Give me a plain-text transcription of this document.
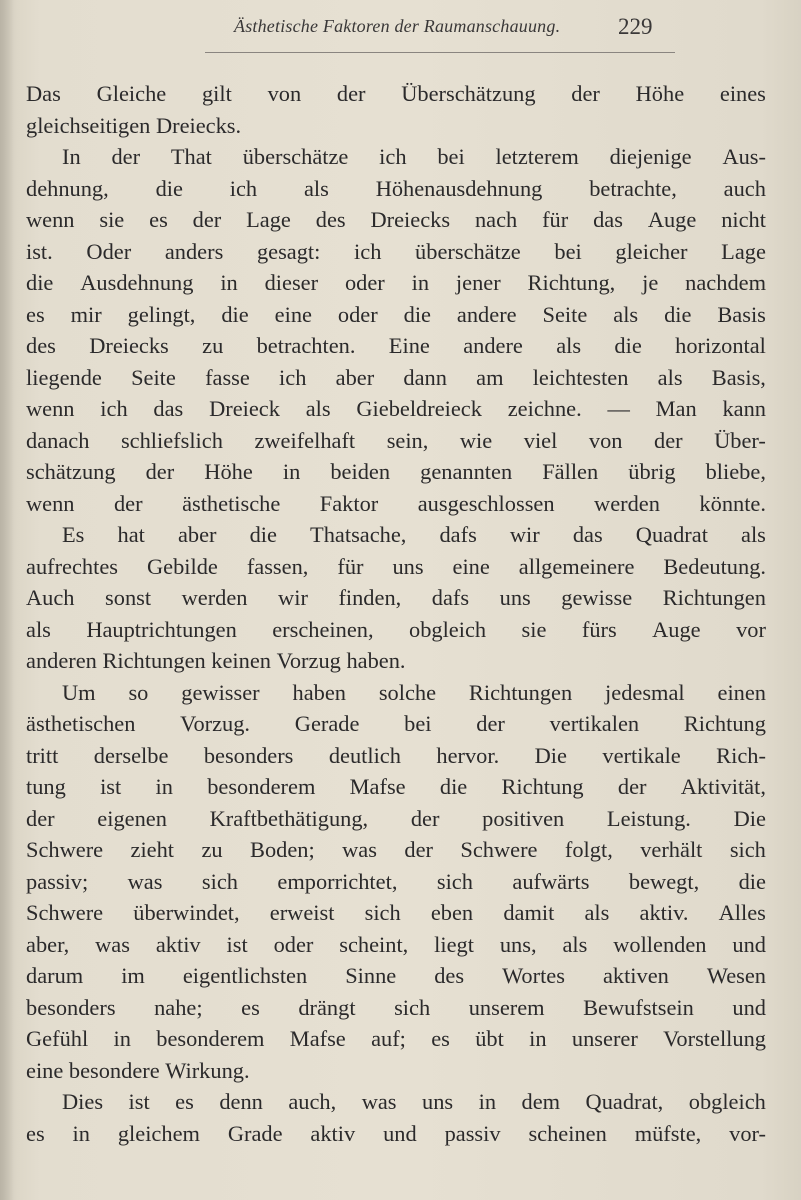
Ästhetische Faktoren der Raumanschauung.	229
Das Gleiche gilt von der Überschätzung der Höhe eines
gleichseitigen Dreiecks.
In der That überschätze ich bei letzterem diejenige Aus-
dehnung, die ich als Höhenausdehnung betrachte, auch
wenn sie es der Lage des Dreiecks nach für das Auge nicht
ist. Oder anders gesagt: ich überschätze bei gleicher Lage
die Ausdehnung in dieser oder in jener Richtung, je nachdem
es mir gelingt, die eine oder die andere Seite als die Basis
des Dreiecks zu betrachten. Eine andere als die horizontal
liegende Seite fasse ich aber dann am leichtesten als Basis,
wenn ich das Dreieck als Giebeldreieck zeichne. — Man kann
danach schliefslich zweifelhaft sein, wie viel von der Über-
schätzung der Höhe in beiden genannten Fällen übrig bliebe,
wenn der ästhetische Faktor ausgeschlossen werden könnte.
Es hat aber die Thatsache, dafs wir das Quadrat als
aufrechtes Gebilde fassen, für uns eine allgemeinere Bedeutung.
Auch sonst werden wir finden, dafs uns gewisse Richtungen
als Hauptrichtungen erscheinen, obgleich sie fürs Auge vor
anderen Richtungen keinen Vorzug haben.
Um so gewisser haben solche Richtungen jedesmal einen
ästhetischen Vorzug. Gerade bei der vertikalen Richtung
tritt derselbe besonders deutlich hervor. Die vertikale Rich-
tung ist in besonderem Mafse die Richtung der Aktivität,
der eigenen Kraftbethätigung, der positiven Leistung. Die
Schwere zieht zu Boden; was der Schwere folgt, verhält sich
passiv; was sich emporrichtet, sich aufwärts bewegt, die
Schwere überwindet, erweist sich eben damit als aktiv. Alles
aber, was aktiv ist oder scheint, liegt uns, als wollenden und
darum im eigentlichsten Sinne des Wortes aktiven Wesen
besonders nahe; es drängt sich unserem Bewufstsein und
Gefühl in besonderem Mafse auf; es übt in unserer Vorstellung
eine besondere Wirkung.
Dies ist es denn auch, was uns in dem Quadrat, obgleich
es in gleichem Grade aktiv und passiv scheinen müfste, vor-
